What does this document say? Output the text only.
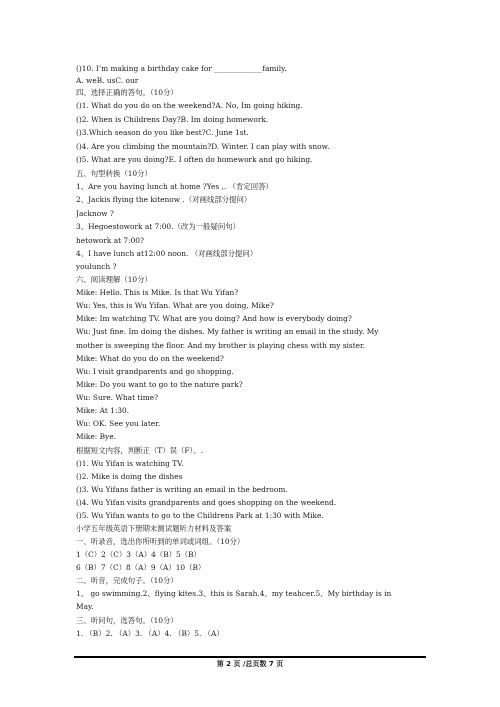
()10. I’m making a birthday cake for _____________family.
A. weB. usC. our
四、选择正确的答句。（10分）
()1. What do you do on the weekend?A. No, Im going hiking.
()2. When is Childrens Day?B. Im doing homework.
()3.Which season do you like best?C. June 1st.
()4. Are you climbing the mountain?D. Winter. I can play with snow.
()5. What are you doing?E. I often do homework and go hiking.
五、句型转换（10分）
1、Are you having lunch at home ?Yes ,. （肯定回答）
2、Jackis flying the kitenow .（对画线部分提问）
Jacknow ?
3、Hegoestowork at 7:00.（改为一般疑问句）
hetowork at 7:00?
4、I have lunch at12:00 noon. （对画线部分提问）
youlunch ?
六、阅读理解（10分）
Mike: Hello. This is Mike. Is that Wu Yifan?
Wu: Yes, this is Wu Yifan. What are you doing, Mike?
Mike: Im watching TV. What are you doing? And how is everybody doing?
Wu: Just fine. Im doing the dishes. My father is writing an email in the study. My
mother is sweeping the floor. And my brother is playing chess with my sister.
Mike: What do you do on the weekend?
Wu: I visit grandparents and go shopping.
Mike: Do you want to go to the nature park?
Wu: Sure. What time?
Mike: At 1:30.
Wu: OK. See you later.
Mike: Bye.
根据短文内容，判断正（T）误（F）。.
()1. Wu Yifan is watching TV.
()2. Mike is doing the dishes
()3. Wu Yifans father is writing an email in the bedroom.
()4. Wu Yifan visits grandparents and goes shopping on the weekend.
()5. Wu Yifan wants to go to the Childrens Park at 1:30 with Mike.
小学五年级英语下册期末测试题听力材料及答案
一、听录音，选出你所听到的单词或词组。（10分）
1（C）2（C）3（A）4（B）5（B）
6（B）7（C）8（A）9（A）10（B）
二、听音，完成句子。（10分）
1、 go swimming.2、flying kites.3、this is Sarah.4、my teahcer.5、My birthday is in
May.
三、听问句，选答句。（10分）
1. （B）2. （A）3. （A）4. （B）5. （A）
第 2 页 /总页数 7 页
